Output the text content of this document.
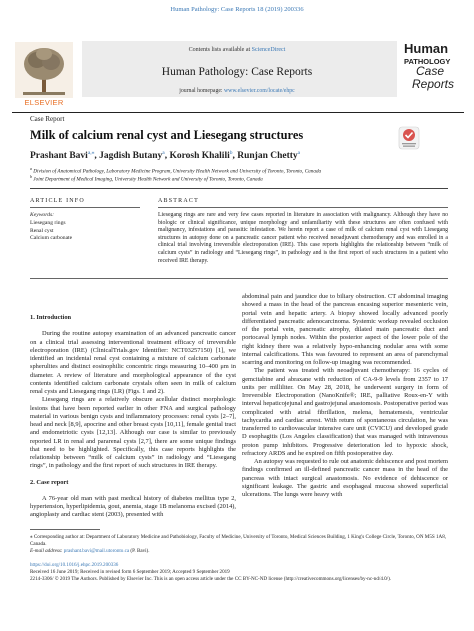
Human Pathology: Case Reports 18 (2019) 200336
Contents lists available at ScienceDirect
Human Pathology: Case Reports
journal homepage: www.elsevier.com/locate/ehpc
ELSEVIER
Human
PATHOLOGY
Case
Reports
Case Report
Milk of calcium renal cyst and Liesegang structures
Prashant Bavi$^{a,⁎}$, Jagdish Butany$^a$, Korosh Khalili$^b$, Runjan Chetty$^a$
$^a$ Division of Anatomical Pathology, Laboratory Medicine Program, University Health Network and University of Toronto, Toronto, Canada
$^b$ Joint Department of Medical Imaging, University Health Network and University of Toronto, Toronto, Canada
ARTICLE INFO	ABSTRACT
Keywords:
Liesegang rings
Renal cyst
Calcium carbonate
Liesegang rings are rare and very few cases reported in literature in association with malignancy. Although they have no biologic or clinical significance, unique morphology and unfamiliarity with these structures are often confused with malignancy, infestations and parasitic infestation. We herein report a case of milk of calcium renal cyst with Liesegang structures in autopsy done on a pancreatic cancer patient who received neoadjuvant chemotherapy and was enrolled in a clinical trial involving irreversible electroporation (IRE). This case reports highlights the relationship between “milk of calcium cysts” in radiology and “Liesegang rings”, in pathology and is the first report of such structures in a patient who received IRE therapy.
1. Introduction
During the routine autopsy examination of an advanced pancreatic cancer on a clinical trial assessing interventional treatment efficacy of irreversible electroporation (IRE) (ClinicalTrials.gov Identifier: NCT03257150) [1], we identified an incidental renal cyst containing a mixture of calcium carbonate spherulites and distinct eosinophilic concentric rings measuring 10–400 μm in diameter. A review of literature and morphological appearance of the cyst contents identified calcium carbonate crystals often seen in milk of calcium renal cysts and Liesegang rings (LR) (Figs. 1 and 2).
Liesegang rings are a relatively obscure acellular distinct morphologic lesions that have been reported earlier in other FNA and surgical pathology material in various benign cysts and inflammatory processes: renal cysts [2–7], head and neck [8,9], apocrine and other breast cysts [10,11], female genital tract and endometriotic cysts [12,13]. Although our case is similar to previously reported LR in renal and pararenal cysts [2,7], there are some unique findings that need to be highlighted. Specifically, this case reports highlights the relationship between “milk of calcium cysts” in radiology and “Liesegang rings”, in pathology and the first report of such structures in IRE therapy.
2. Case report
A 76-year old man with past medical history of diabetes mellitus type 2, hypertension, hyperlipidemia, gout, anemia, stage 1B melanoma excised (2014), angioplasty and cardiac stent (2003), presented with
abdominal pain and jaundice due to biliary obstruction. CT abdominal imaging showed a mass in the head of the pancreas encasing superior mesenteric vein, portal vein and hepatic artery. A biopsy showed locally advanced poorly differentiated pancreatic adenocarcinoma. Systemic workup revealed occlusion of the portal vein, pancreatic atrophy, dilated main pancreatic duct and portocaval lymph nodes. Within the posterior aspect of the lower pole of the right kidney there was a relatively hypo-enhancing nodular area with some internal calcifications. This was favoured to represent an area of parenchymal scarring and monitoring on follow-up imaging was recommended.
The patient was treated with neoadjuvant chemotherapy: 16 cycles of gemcitabine and abraxane with reduction of CA-9-9 levels from 2357 to 17 units per milliliter. On May 28, 2018, he underwent surgery in form of Irreversible Electroporation (NanoKnife®; IRE, palliative Roux-en-Y with interval hepaticojejunal and gastrojejunal anastomosis. Postoperative period was complicated with atrial fibrillation, melena, hematemesis, ventricular tachycardia and cardiac arrest. With return of spontaneous circulation, he was transferred to cardiovascular intensive care unit (CVICU) and developed grade D esophagitis (Los Angeles classification) that was managed with intravenous proton pump inhibitors. Progressive deterioration led to hypoxic shock, refractory ARDS and he expired on fifth postoperative day.
An autopsy was requested to rule out anatomic dehiscence and post mortem findings confirmed an ill-defined pancreatic cancer mass in the head of the pancreas with intact surgical anastomosis. No evidence of dehiscence or significant leakage. The gastric and esophageal mucosa showed superficial ulcerations. The lungs were heavy with
⁎ Corresponding author at: Department of Laboratory Medicine and Pathobiology, Faculty of Medicine, University of Toronto, Medical Sciences Building, 1 King's College Circle, Toronto, ON M5S 1A8, Canada.
E-mail address: prashant.bavi@mail.utoronto.ca (P. Bavi).
https://doi.org/10.1016/j.ehpc.2019.200336
Received 16 June 2019; Received in revised form 6 September 2019; Accepted 9 September 2019
2214-3306/ © 2019 The Authors. Published by Elsevier Inc. This is an open access article under the CC BY-NC-ND license (http://creativecommons.org/licenses/by-nc-nd/4.0/).
